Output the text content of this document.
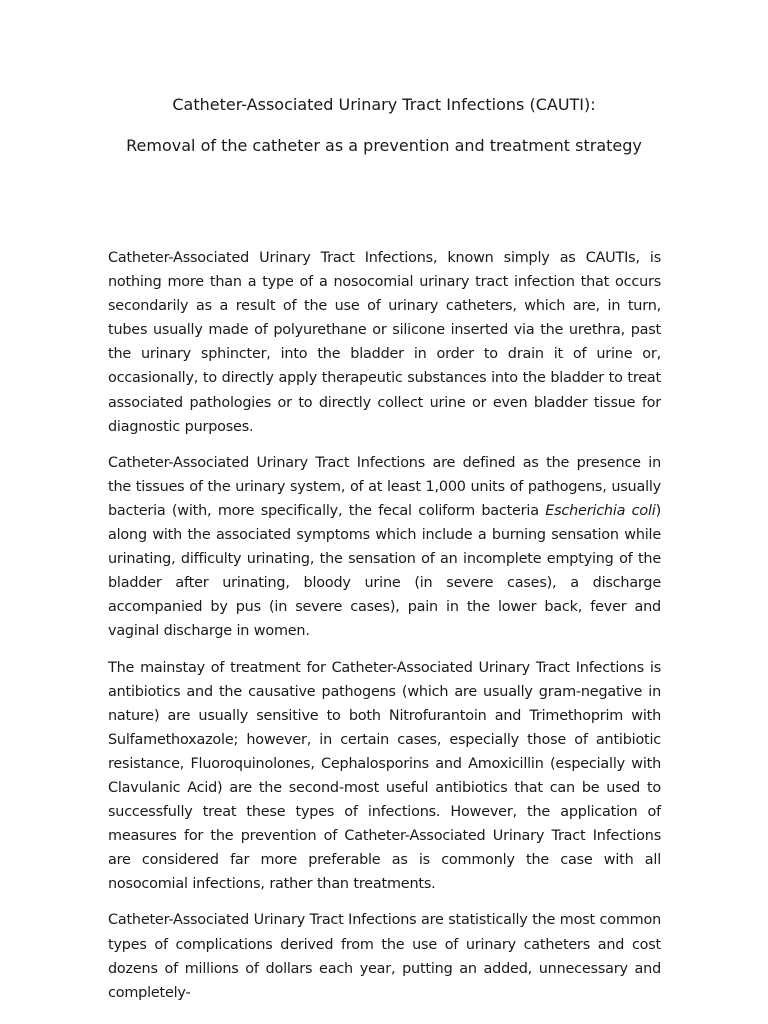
Catheter-Associated Urinary Tract Infections (CAUTI):
Removal of the catheter as a prevention and treatment strategy

Catheter-Associated Urinary Tract Infections, known simply as CAUTIs, is nothing more than a type of a nosocomial urinary tract infection that occurs secondarily as a result of the use of urinary catheters, which are, in turn, tubes usually made of polyurethane or silicone inserted via the urethra, past the urinary sphincter, into the bladder in order to drain it of urine or, occasionally, to directly apply therapeutic substances into the bladder to treat associated pathologies or to directly collect urine or even bladder tissue for diagnostic purposes.

Catheter-Associated Urinary Tract Infections are defined as the presence in the tissues of the urinary system, of at least 1,000 units of pathogens, usually bacteria (with, more specifically, the fecal coliform bacteria Escherichia coli) along with the associated symptoms which include a burning sensation while urinating, difficulty urinating, the sensation of an incomplete emptying of the bladder after urinating, bloody urine (in severe cases), a discharge accompanied by pus (in severe cases), pain in the lower back, fever and vaginal discharge in women.

The mainstay of treatment for Catheter-Associated Urinary Tract Infections is antibiotics and the causative pathogens (which are usually gram-negative in nature) are usually sensitive to both Nitrofurantoin and Trimethoprim with Sulfamethoxazole; however, in certain cases, especially those of antibiotic resistance, Fluoroquinolones, Cephalosporins and Amoxicillin (especially with Clavulanic Acid) are the second-most useful antibiotics that can be used to successfully treat these types of infections. However, the application of measures for the prevention of Catheter-Associated Urinary Tract Infections are considered far more preferable as is commonly the case with all nosocomial infections, rather than treatments.

Catheter-Associated Urinary Tract Infections are statistically the most common types of complications derived from the use of urinary catheters and cost dozens of millions of dollars each year, putting an added, unnecessary and completely-
